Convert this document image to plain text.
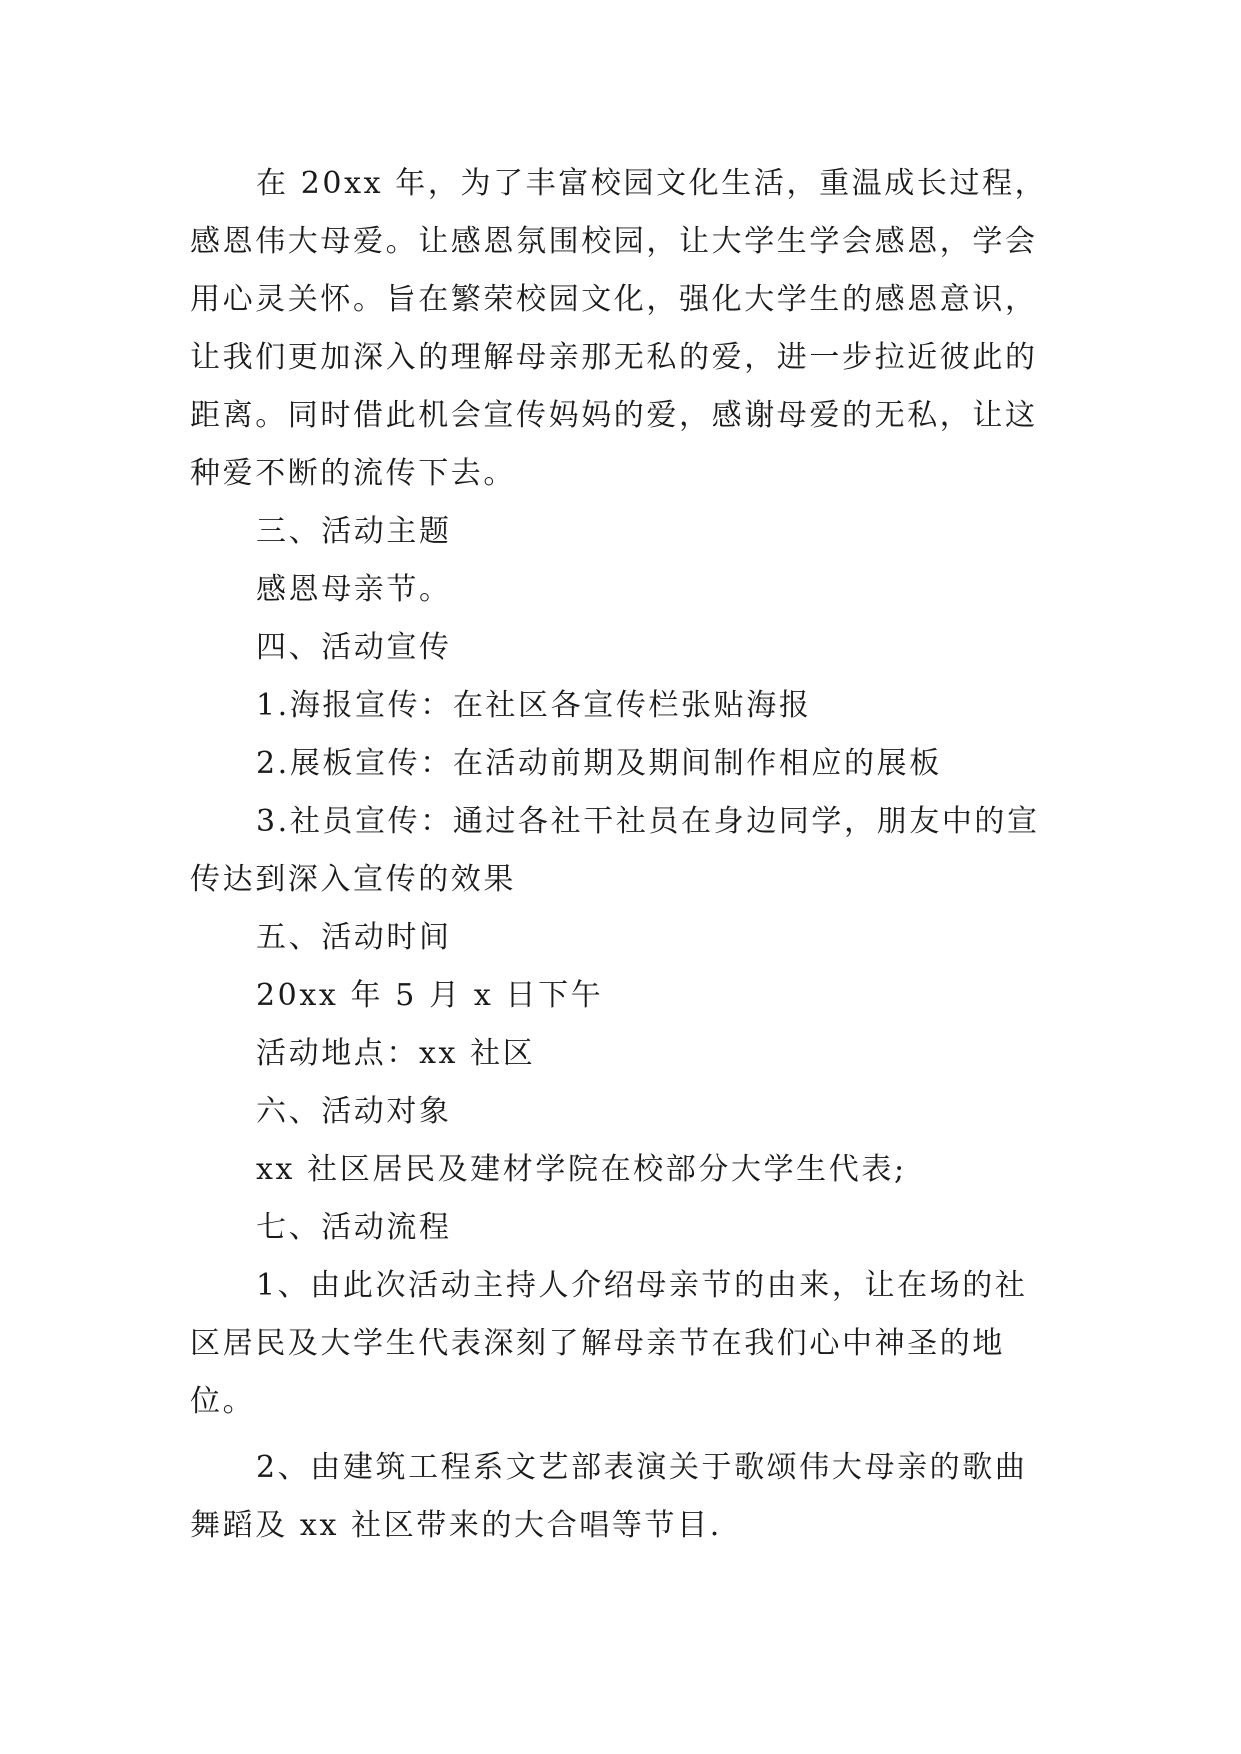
在 20xx 年，为了丰富校园文化生活，重温成长过程，
感恩伟大母爱。让感恩氛围校园，让大学生学会感恩，学会
用心灵关怀。旨在繁荣校园文化，强化大学生的感恩意识，
让我们更加深入的理解母亲那无私的爱，进一步拉近彼此的
距离。同时借此机会宣传妈妈的爱，感谢母爱的无私，让这
种爱不断的流传下去。
三、活动主题
感恩母亲节。
四、活动宣传
1.海报宣传：在社区各宣传栏张贴海报
2.展板宣传：在活动前期及期间制作相应的展板
3.社员宣传：通过各社干社员在身边同学，朋友中的宣
传达到深入宣传的效果
五、活动时间
20xx 年 5 月 x 日下午
活动地点：xx 社区
六、活动对象
xx 社区居民及建材学院在校部分大学生代表;
七、活动流程
1、由此次活动主持人介绍母亲节的由来，让在场的社
区居民及大学生代表深刻了解母亲节在我们心中神圣的地
位。
2、由建筑工程系文艺部表演关于歌颂伟大母亲的歌曲
舞蹈及 xx 社区带来的大合唱等节目.
